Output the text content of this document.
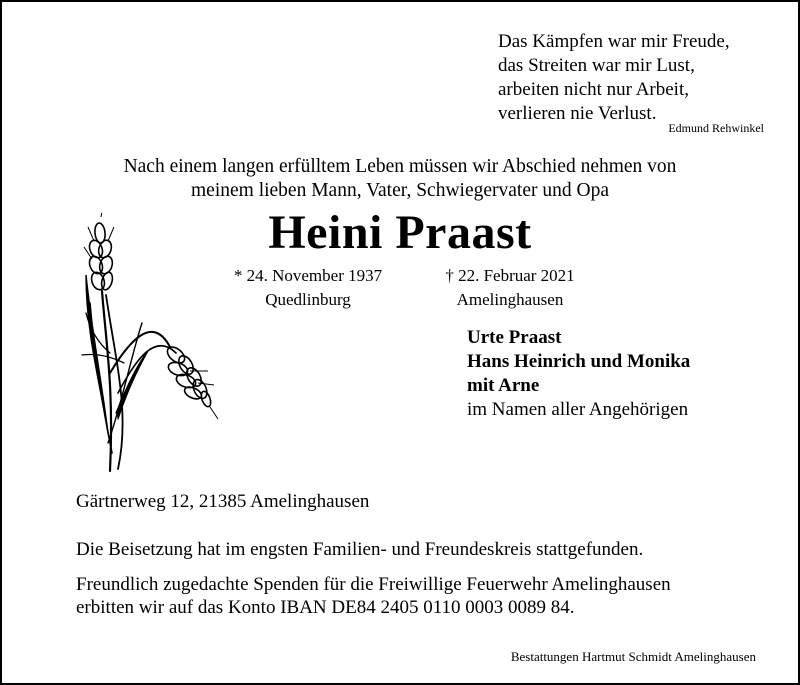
Das Kämpfen war mir Freude,
das Streiten war mir Lust,
arbeiten nicht nur Arbeit,
verlieren nie Verlust.
Edmund Rehwinkel
Nach einem langen erfülltem Leben müssen wir Abschied nehmen von
meinem lieben Mann, Vater, Schwiegervater und Opa
Heini Praast
* 24. November 1937
Quedlinburg
† 22. Februar 2021
Amelinghausen
Urte Praast
Hans Heinrich und Monika
mit Arne
im Namen aller Angehörigen
Gärtnerweg 12, 21385 Amelinghausen
Die Beisetzung hat im engsten Familien- und Freundeskreis stattgefunden.
Freundlich zugedachte Spenden für die Freiwillige Feuerwehr Amelinghausen
erbitten wir auf das Konto IBAN DE84 2405 0110 0003 0089 84.
Bestattungen Hartmut Schmidt Amelinghausen
